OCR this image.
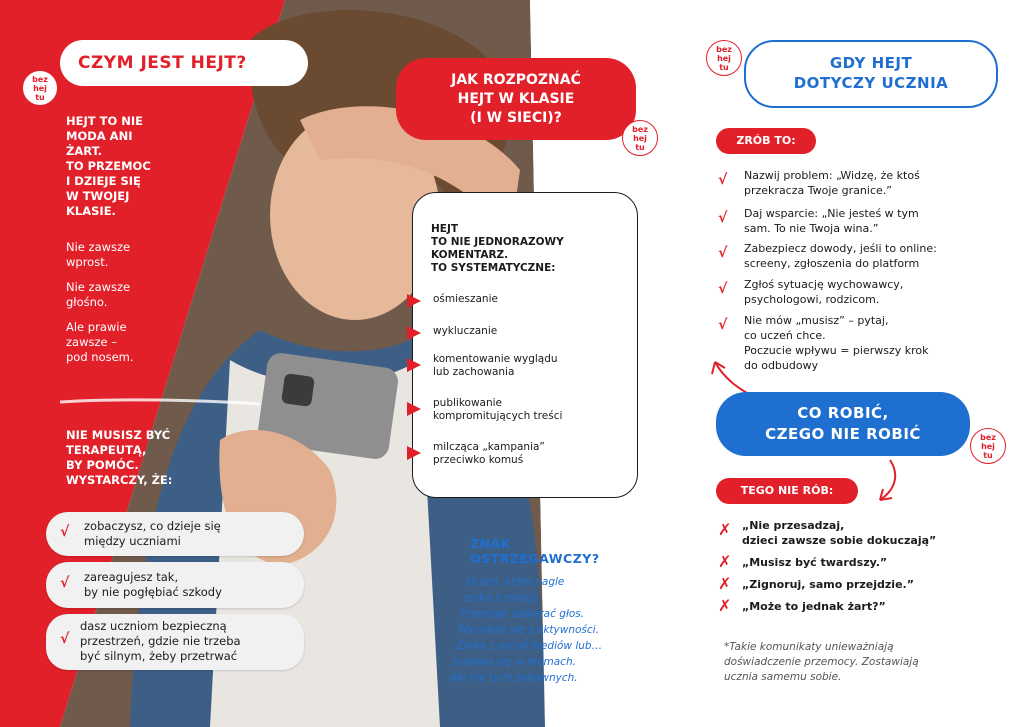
CZYM JEST HEJT?
bez
hej
tu
HEJT TO NIE
MODA ANI
ŻART.
TO PRZEMOC
I DZIEJE SIĘ
W TWOJEJ
KLASIE.
Nie zawsze
wprost.
Nie zawsze
głośno.
Ale prawie
zawsze –
pod nosem.
NIE MUSISZ BYĆ
TERAPEUTĄ,
BY POMÓC.
WYSTARCZY, ŻE:
√ zobaczysz, co dzieje się
między uczniami
√ zareagujesz tak,
by nie pogłębiać szkody
√
dasz uczniom bezpieczną
przestrzeń, gdzie nie trzeba
być silnym, żeby przetrwać
JAK ROZPOZNAĆ
HEJT W KLASIE
(I W SIECI)?
bez
hej
tu
HEJT
TO NIE JEDNORAZOWY
KOMENTARZ.
TO SYSTEMATYCZNE:
ośmieszanie
wykluczanie
komentowanie wyglądu
lub zachowania
publikowanie
kompromitujących treści
milcząca „kampania”
przeciwko komuś
ZNAK
OSTRZEGAWCZY?
Uczeń, który nagle
znika z relacji.
Przestaje zabierać głos.
Wycofuje się z aktywności.
Znika z social mediów lub…
pojawia się w memach.
Ale nie tych zabawnych.
bez
hej
tu	GDY HEJT
DOTYCZY UCZNIA
ZRÓB TO:
√ Nazwij problem: „Widzę, że ktoś
przekracza Twoje granice.”
√ Daj wsparcie: „Nie jesteś w tym
sam. To nie Twoja wina.”
√ Zabezpiecz dowody, jeśli to online:
screeny, zgłoszenia do platform
√ Zgłoś sytuację wychowawcy,
psychologowi, rodzicom.
√ Nie mów „musisz” – pytaj,
co uczeń chce.
Poczucie wpływu = pierwszy krok
do odbudowy
CO ROBIĆ,
CZEGO NIE ROBIĆ	bez
hej
tu
TEGO NIE RÓB:
✗ „Nie przesadzaj,
dzieci zawsze sobie dokuczają”
✗ „Musisz być twardszy.”
✗ „Zignoruj, samo przejdzie.”
✗ „Może to jednak żart?”
*Takie komunikaty unieważniają
doświadczenie przemocy. Zostawiają
ucznia samemu sobie.
